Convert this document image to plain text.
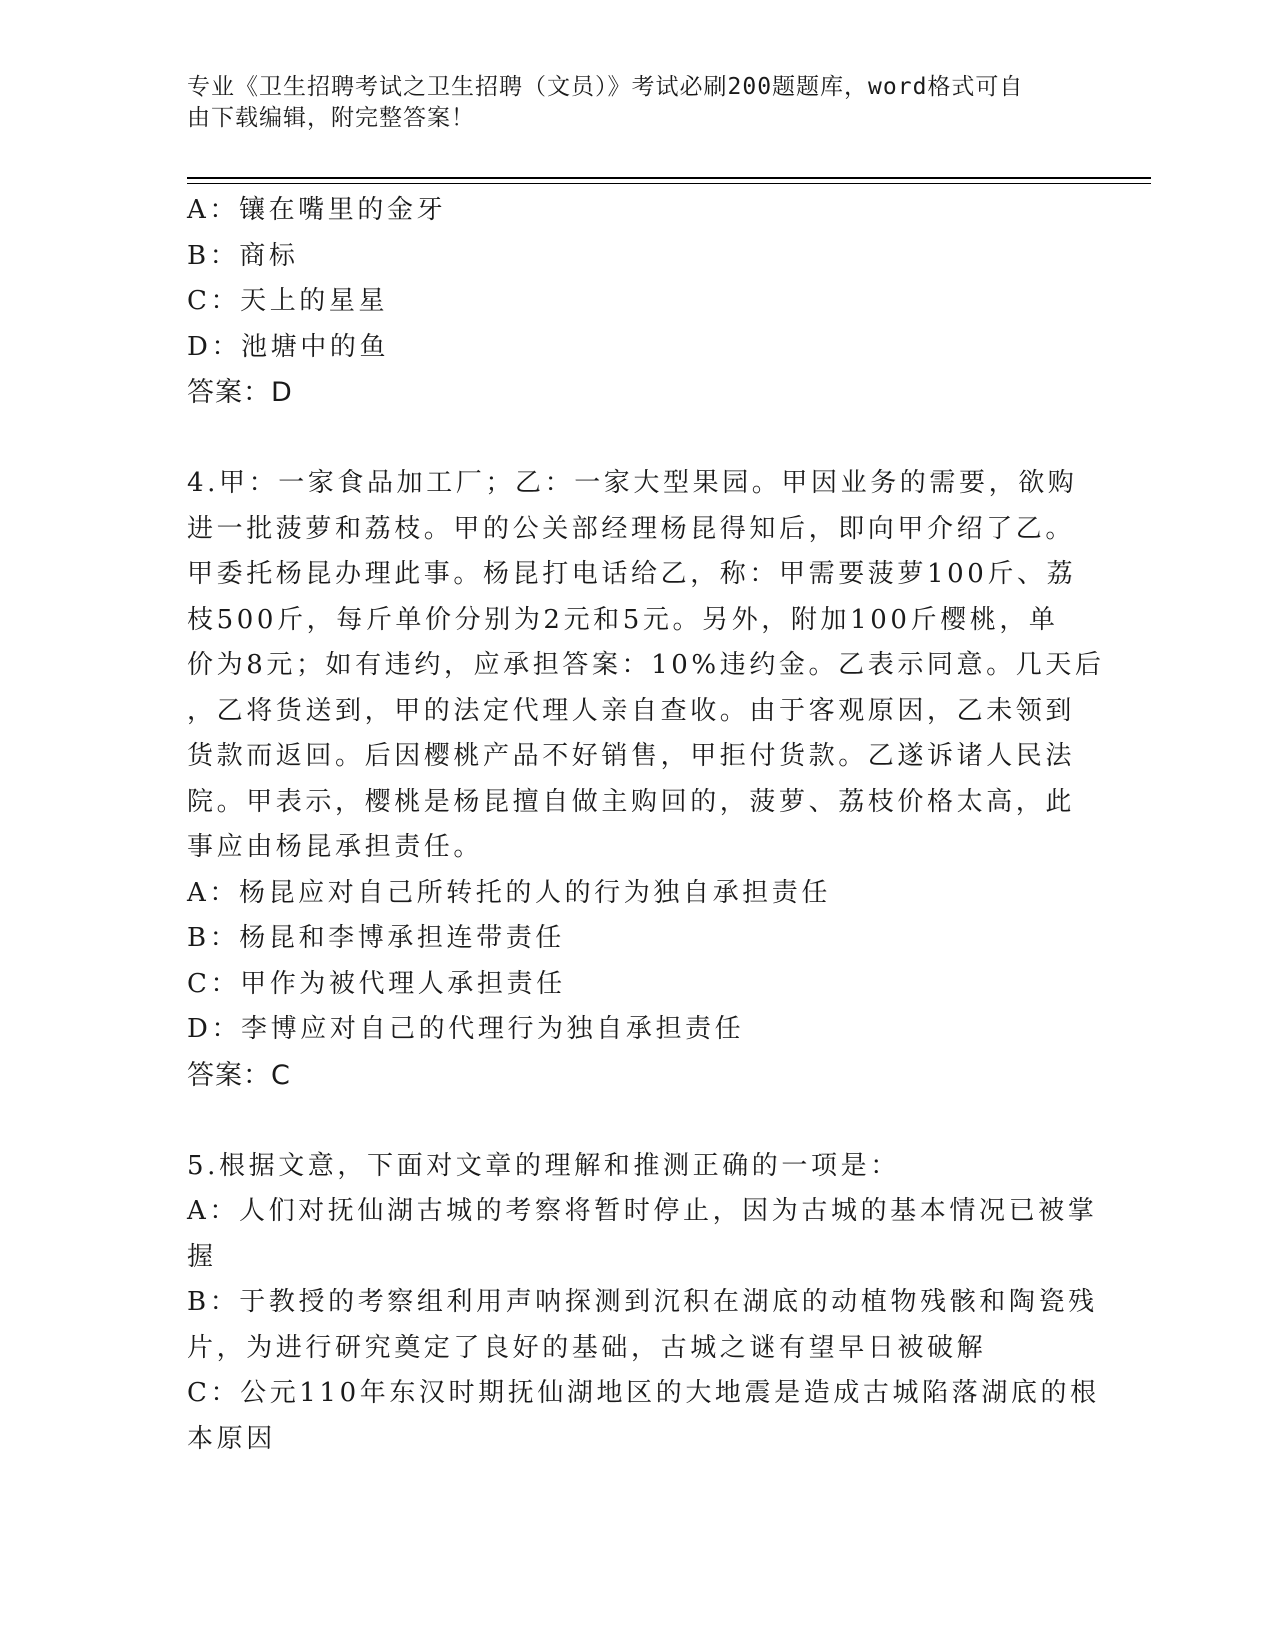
专业《卫生招聘考试之卫生招聘（文员）》考试必刷200题题库，word格式可自
由下载编辑，附完整答案！
A：镶在嘴里的金牙
B：商标
C：天上的星星
D：池塘中的鱼
答案：D
4.甲：一家食品加工厂；乙：一家大型果园。甲因业务的需要，欲购
进一批菠萝和荔枝。甲的公关部经理杨昆得知后，即向甲介绍了乙。
甲委托杨昆办理此事。杨昆打电话给乙，称：甲需要菠萝100斤、荔
枝500斤，每斤单价分别为2元和5元。另外，附加100斤樱桃，单
价为8元；如有违约，应承担答案：10%违约金。乙表示同意。几天后
，乙将货送到，甲的法定代理人亲自查收。由于客观原因，乙未领到
货款而返回。后因樱桃产品不好销售，甲拒付货款。乙遂诉诸人民法
院。甲表示，樱桃是杨昆擅自做主购回的，菠萝、荔枝价格太高，此
事应由杨昆承担责任。
A：杨昆应对自己所转托的人的行为独自承担责任
B：杨昆和李博承担连带责任
C：甲作为被代理人承担责任
D：李博应对自己的代理行为独自承担责任
答案：C
5.根据文意，下面对文章的理解和推测正确的一项是：
A：人们对抚仙湖古城的考察将暂时停止，因为古城的基本情况已被掌
握
B：于教授的考察组利用声呐探测到沉积在湖底的动植物残骸和陶瓷残
片，为进行研究奠定了良好的基础，古城之谜有望早日被破解
C：公元110年东汉时期抚仙湖地区的大地震是造成古城陷落湖底的根
本原因
